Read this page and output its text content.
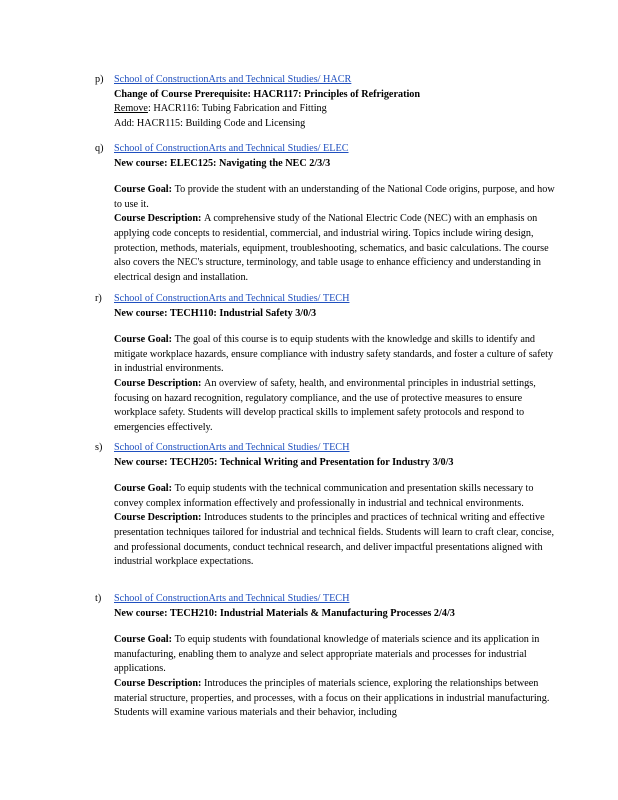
p)	School of ConstructionArts and Technical Studies/ HACR

Change of Course Prerequisite: HACR117: Principles of Refrigeration

Remove: HACR116: Tubing Fabrication and Fitting

Add: HACR115: Building Code and Licensing

q)	School of ConstructionArts and Technical Studies/ ELEC

New course: ELEC125: Navigating the NEC 2/3/3

Course Goal: To provide the student with an understanding of the National Code origins, purpose, and how to use it.

Course Description: A comprehensive study of the National Electric Code (NEC) with an emphasis on applying code concepts to residential, commercial, and industrial wiring. Topics include wiring design, protection, methods, materials, equipment, troubleshooting, schematics, and basic calculations. The course also covers the NEC's structure, terminology, and table usage to enhance efficiency and understanding in electrical design and installation.

r)	School of ConstructionArts and Technical Studies/ TECH

New course: TECH110: Industrial Safety 3/0/3

Course Goal: The goal of this course is to equip students with the knowledge and skills to identify and mitigate workplace hazards, ensure compliance with industry safety standards, and foster a culture of safety in industrial environments.

Course Description: An overview of safety, health, and environmental principles in industrial settings, focusing on hazard recognition, regulatory compliance, and the use of protective measures to ensure workplace safety. Students will develop practical skills to implement safety protocols and respond to emergencies effectively.

s)	School of ConstructionArts and Technical Studies/ TECH

New course: TECH205: Technical Writing and Presentation for Industry 3/0/3

Course Goal: To equip students with the technical communication and presentation skills necessary to convey complex information effectively and professionally in industrial and technical environments.

Course Description: Introduces students to the principles and practices of technical writing and effective presentation techniques tailored for industrial and technical fields. Students will learn to craft clear, concise, and professional documents, conduct technical research, and deliver impactful presentations aligned with industrial workplace expectations.

t)	School of ConstructionArts and Technical Studies/ TECH

New course: TECH210: Industrial Materials & Manufacturing Processes 2/4/3

Course Goal: To equip students with foundational knowledge of materials science and its application in manufacturing, enabling them to analyze and select appropriate materials and processes for industrial applications.

Course Description: Introduces the principles of materials science, exploring the relationships between material structure, properties, and processes, with a focus on their applications in industrial manufacturing. Students will examine various materials and their behavior, including
